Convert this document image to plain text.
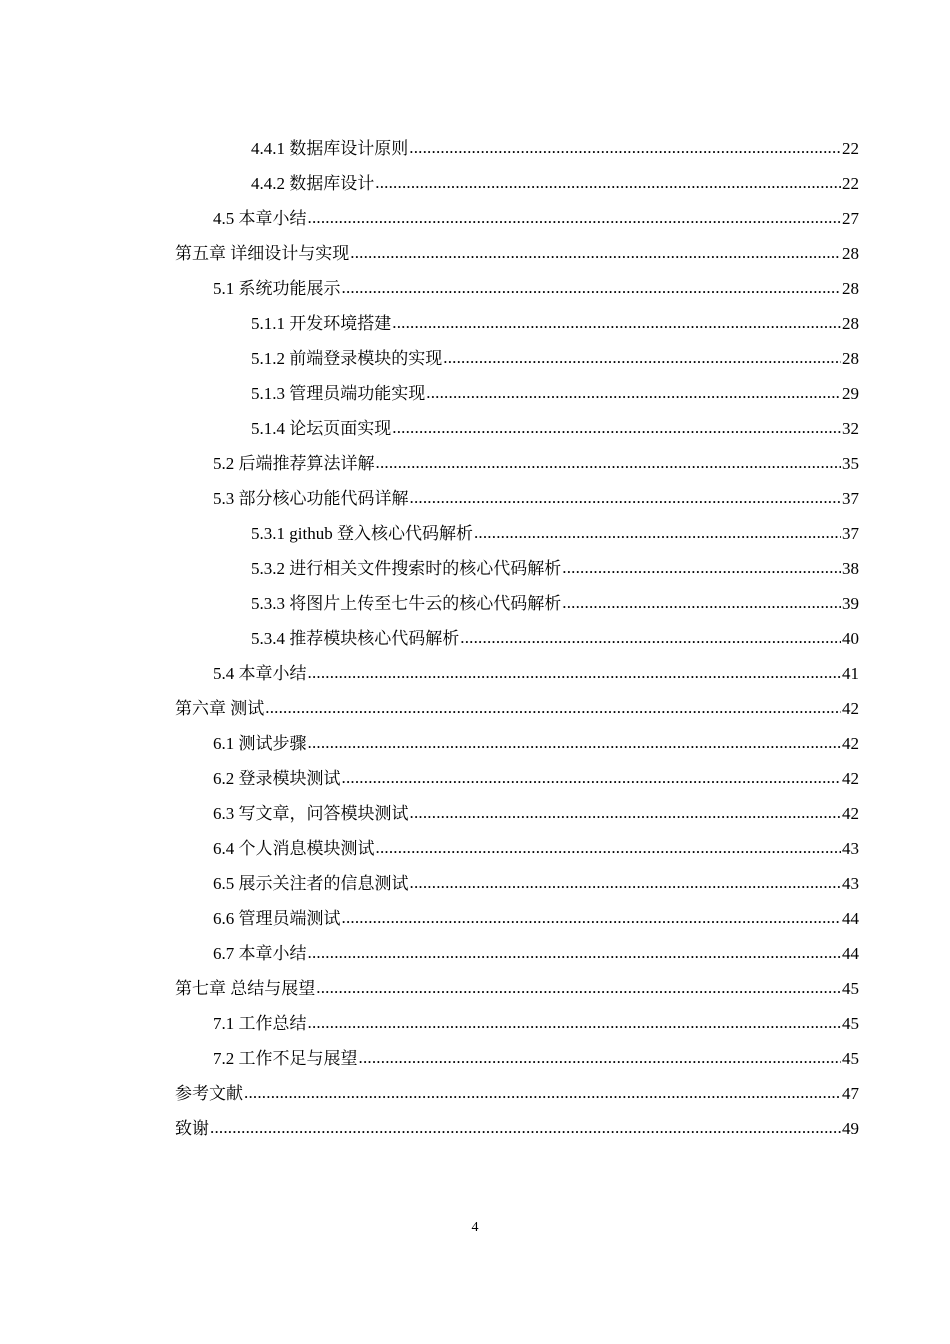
4.4.1 数据库设计原则 .....	22
4.4.2 数据库设计 .....	22
4.5 本章小结 .....	27
第五章 详细设计与实现 .....	28
5.1 系统功能展示 .....	28
5.1.1 开发环境搭建 .....	28
5.1.2 前端登录模块的实现 .....	28
5.1.3 管理员端功能实现 .....	29
5.1.4 论坛页面实现 .....	32
5.2 后端推荐算法详解 .....	35
5.3 部分核心功能代码详解 .....	37
5.3.1 github 登入核心代码解析 .....	37
5.3.2 进行相关文件搜索时的核心代码解析 .....	38
5.3.3 将图片上传至七牛云的核心代码解析 .....	39
5.3.4 推荐模块核心代码解析 .....	40
5.4 本章小结 .....	41
第六章 测试 .....	42
6.1 测试步骤 .....	42
6.2 登录模块测试 .....	42
6.3 写文章，问答模块测试 .....	42
6.4 个人消息模块测试 .....	43
6.5 展示关注者的信息测试 .....	43
6.6 管理员端测试 .....	44
6.7 本章小结 .....	44
第七章 总结与展望 .....	45
7.1 工作总结 .....	45
7.2 工作不足与展望 .....	45
参考文献 .....	47
致谢 .....	49
4
